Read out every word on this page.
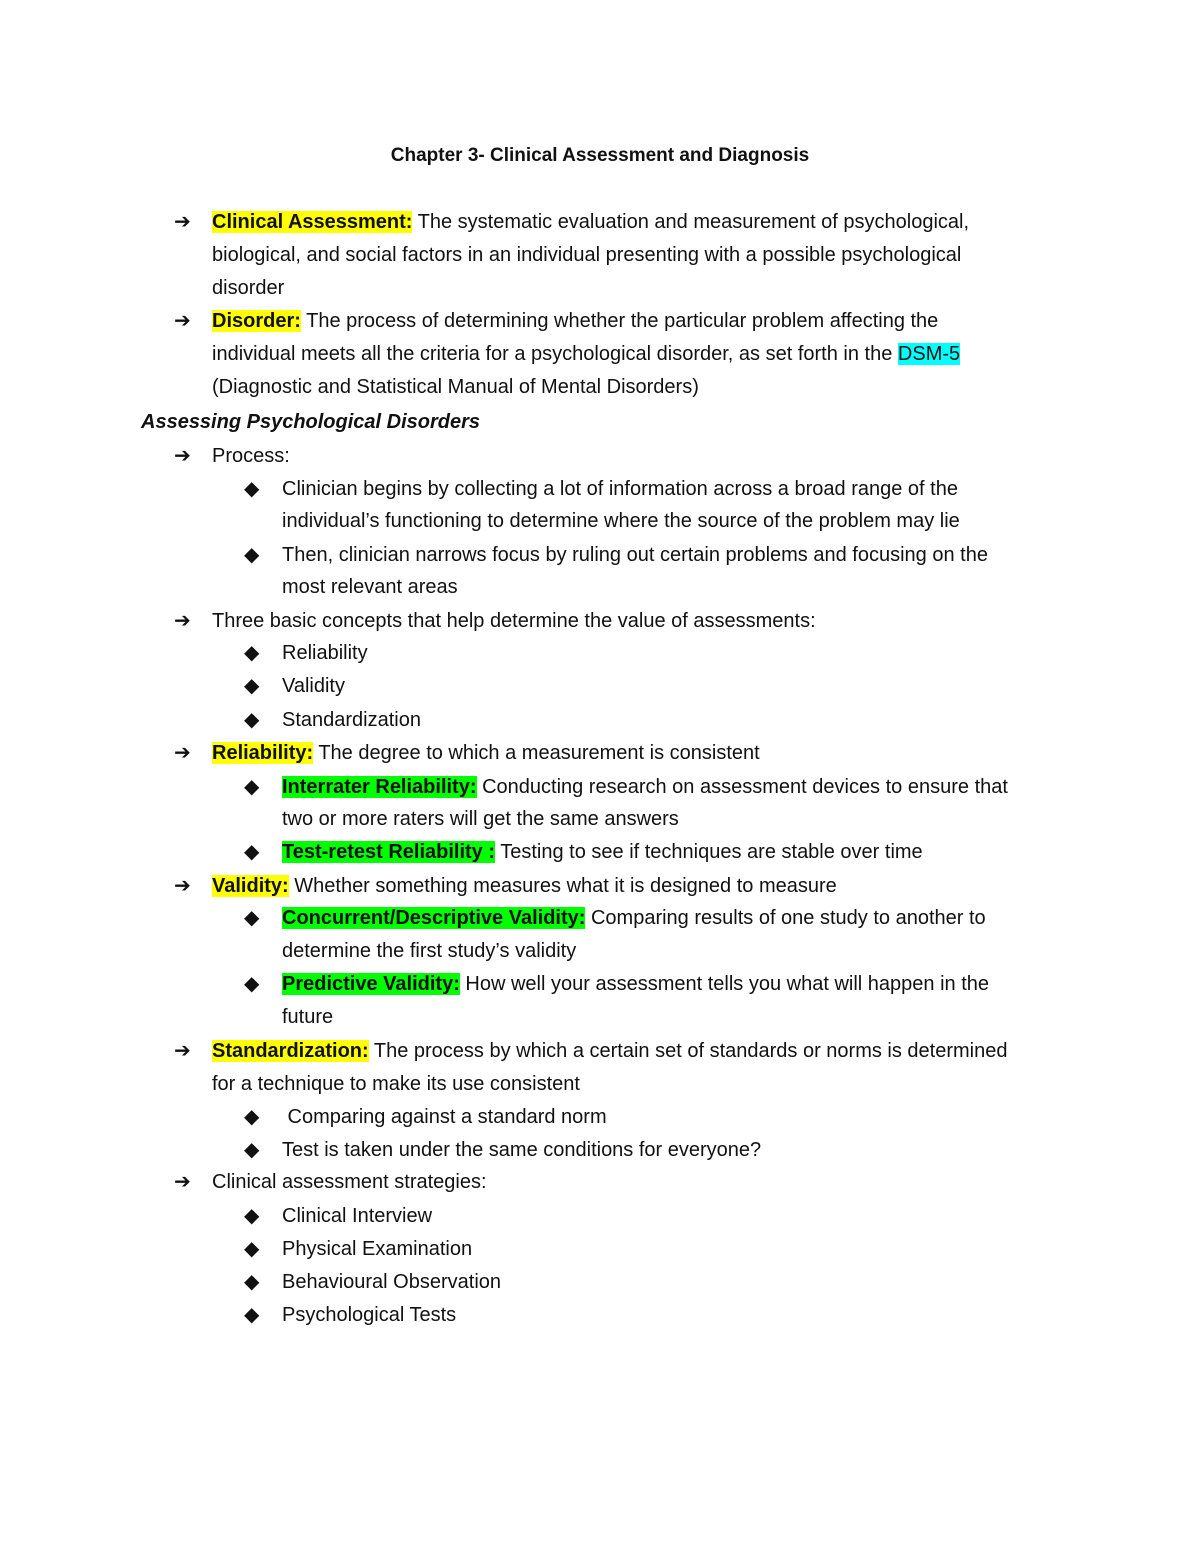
Chapter 3- Clinical Assessment and Diagnosis
➔	Clinical Assessment: The systematic evaluation and measurement of psychological,
biological, and social factors in an individual presenting with a possible psychological
disorder
➔	Disorder: The process of determining whether the particular problem affecting the
individual meets all the criteria for a psychological disorder, as set forth in the DSM-5
(Diagnostic and Statistical Manual of Mental Disorders)
Assessing Psychological Disorders
➔	Process:
◆	Clinician begins by collecting a lot of information across a broad range of the
individual’s functioning to determine where the source of the problem may lie
◆	Then, clinician narrows focus by ruling out certain problems and focusing on the
most relevant areas
➔	Three basic concepts that help determine the value of assessments:
◆	Reliability
◆	Validity
◆	Standardization
➔	Reliability: The degree to which a measurement is consistent
◆	Interrater Reliability: Conducting research on assessment devices to ensure that
two or more raters will get the same answers
◆	Test-retest Reliability : Testing to see if techniques are stable over time
➔	Validity: Whether something measures what it is designed to measure
◆	Concurrent/Descriptive Validity: Comparing results of one study to another to
determine the first study’s validity
◆	Predictive Validity: How well your assessment tells you what will happen in the
future
➔	Standardization: The process by which a certain set of standards or norms is determined
for a technique to make its use consistent
◆	Comparing against a standard norm
◆	Test is taken under the same conditions for everyone?
➔	Clinical assessment strategies:
◆	Clinical Interview
◆	Physical Examination
◆	Behavioural Observation
◆	Psychological Tests
